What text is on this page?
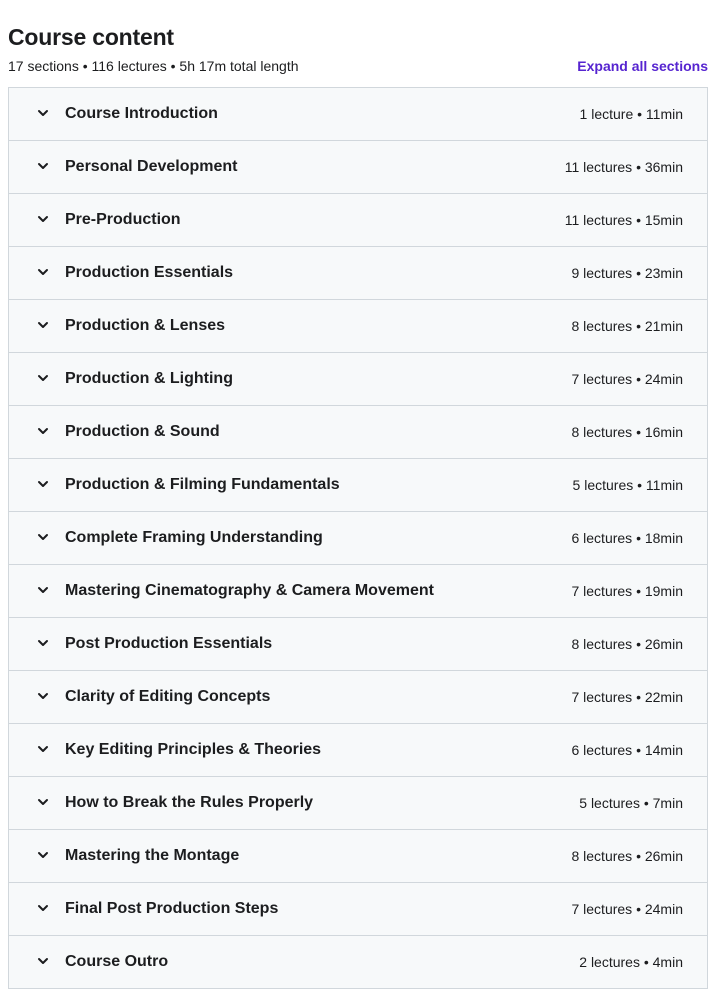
Course content
17 sections • 116 lectures • 5h 17m total length	Expand all sections
Course Introduction	1 lecture • 11min
Personal Development	11 lectures • 36min
Pre-Production	11 lectures • 15min
Production Essentials	9 lectures • 23min
Production & Lenses	8 lectures • 21min
Production & Lighting	7 lectures • 24min
Production & Sound	8 lectures • 16min
Production & Filming Fundamentals	5 lectures • 11min
Complete Framing Understanding	6 lectures • 18min
Mastering Cinematography & Camera Movement	7 lectures • 19min
Post Production Essentials	8 lectures • 26min
Clarity of Editing Concepts	7 lectures • 22min
Key Editing Principles & Theories	6 lectures • 14min
How to Break the Rules Properly	5 lectures • 7min
Mastering the Montage	8 lectures • 26min
Final Post Production Steps	7 lectures • 24min
Course Outro	2 lectures • 4min
